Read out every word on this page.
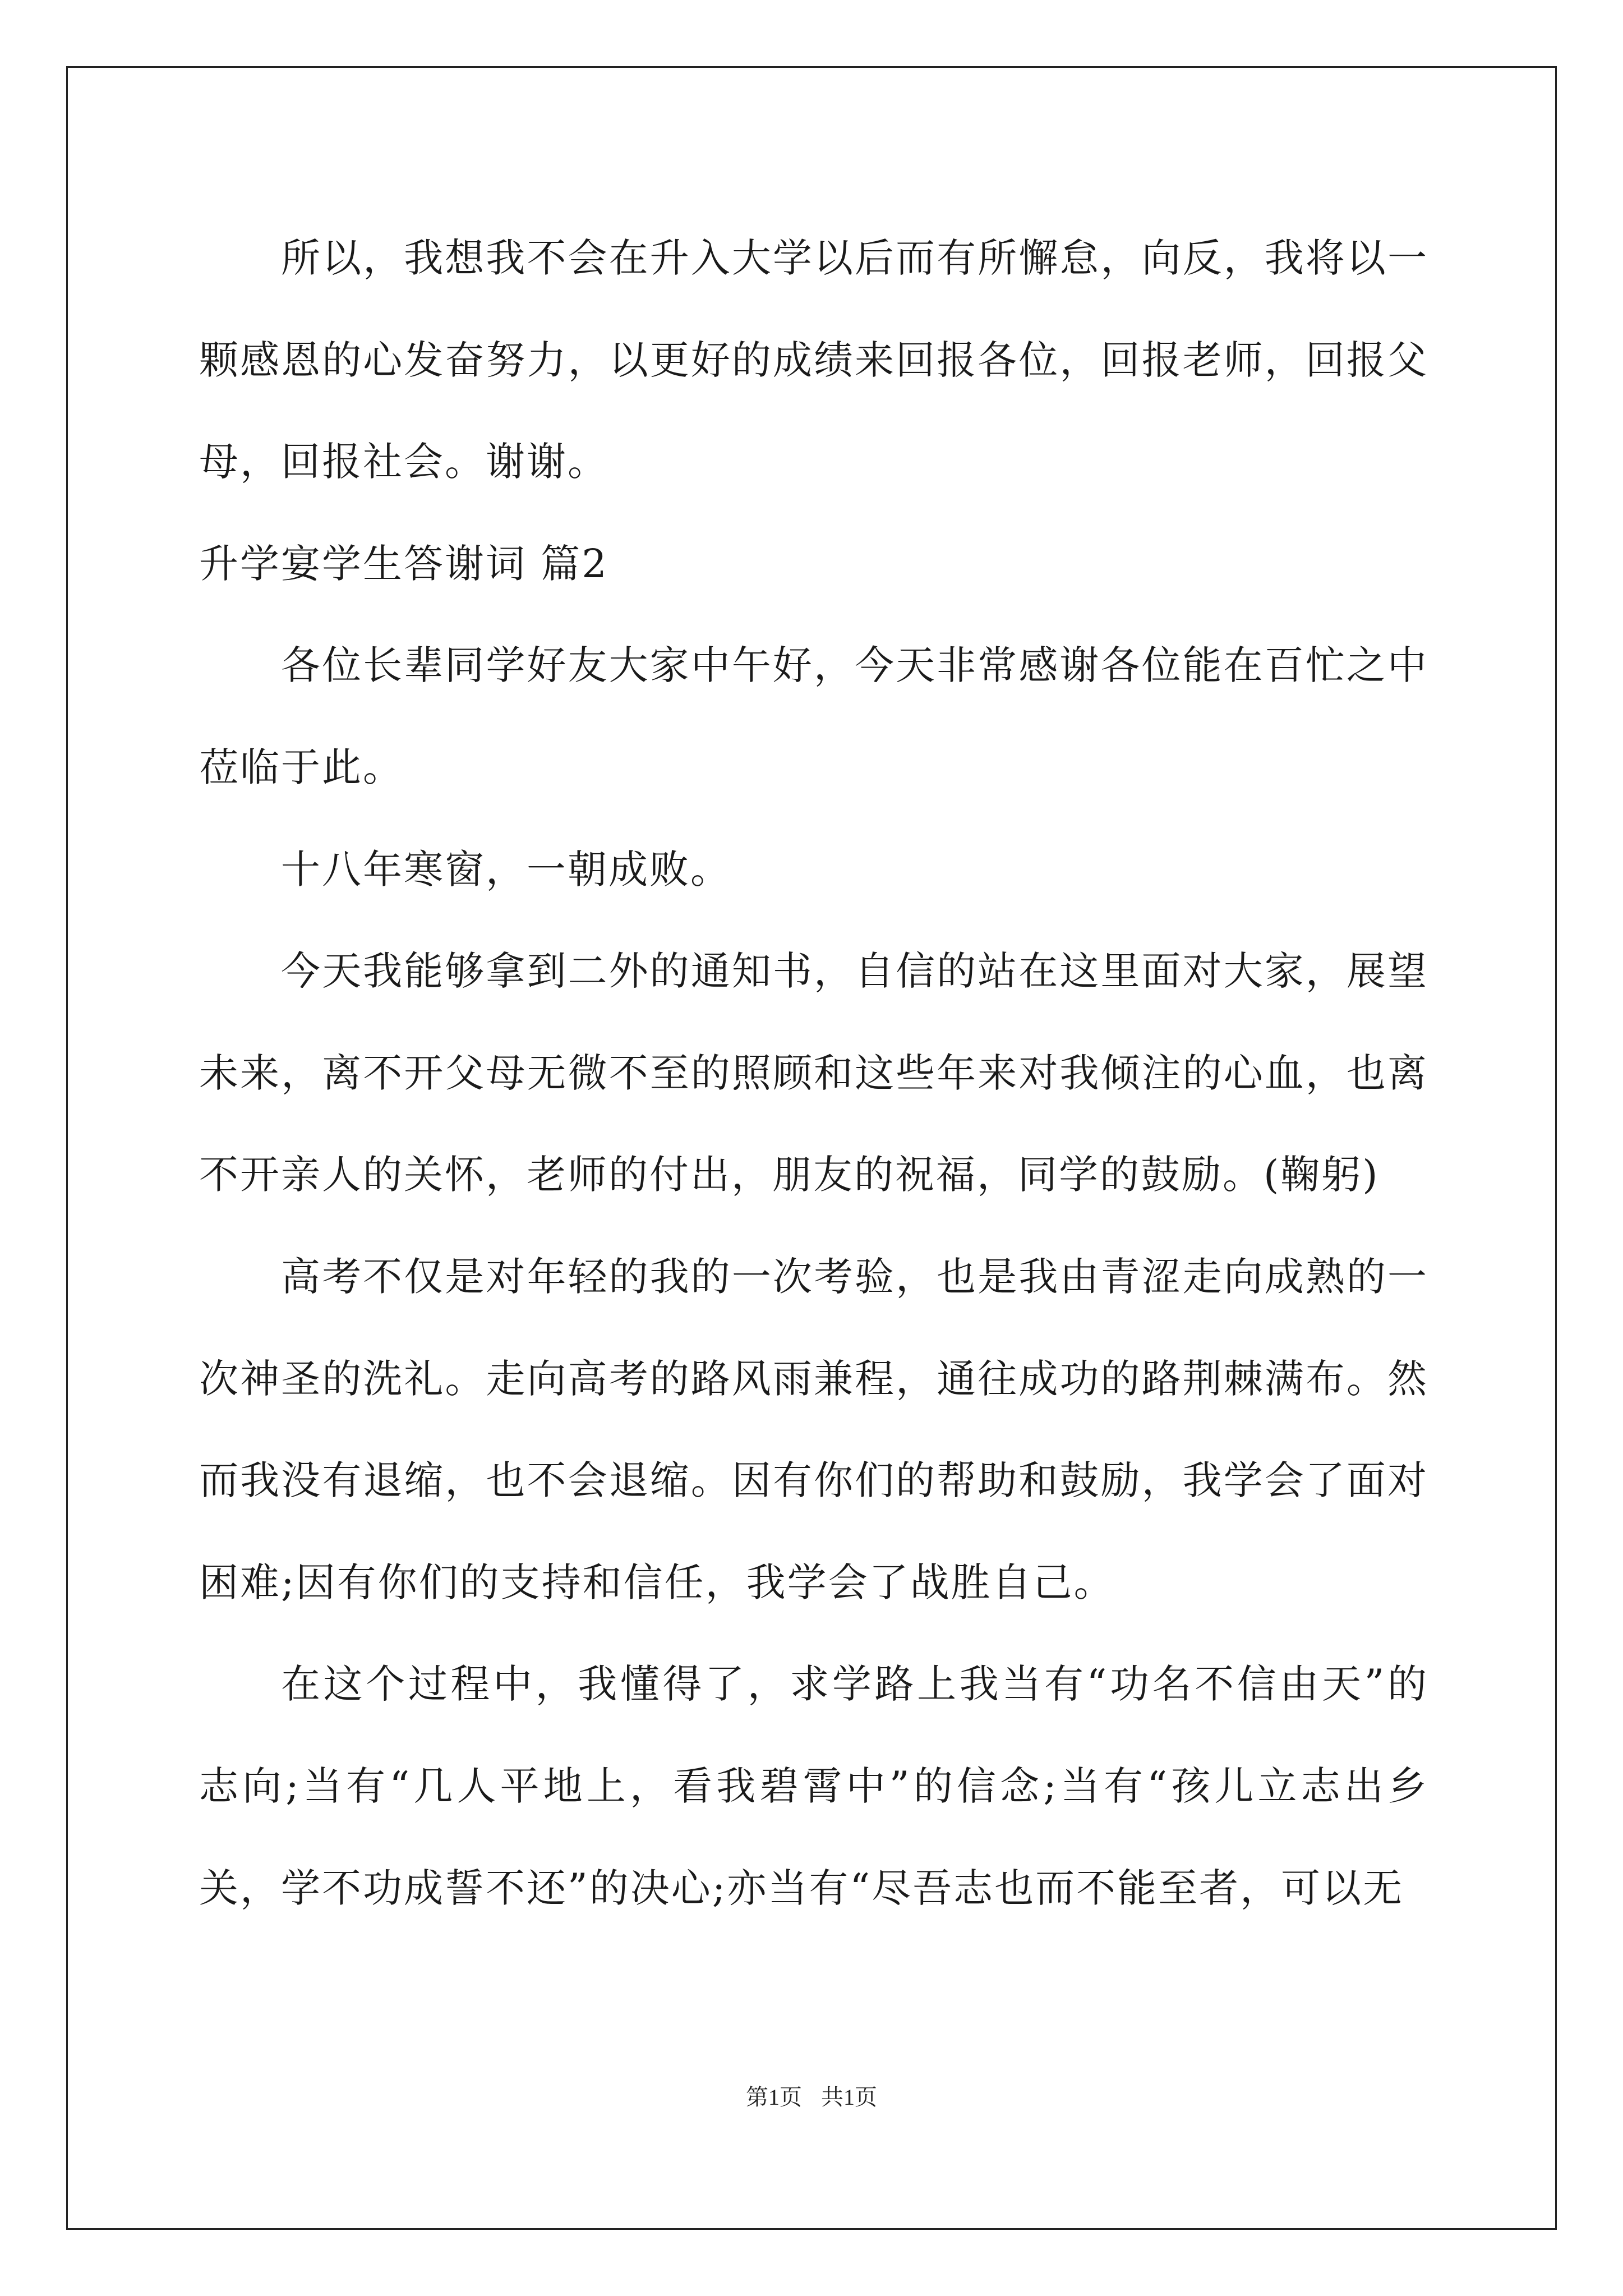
所以，我想我不会在升入大学以后而有所懈怠，向反，我将以一颗感恩的心发奋努力，以更好的成绩来回报各位，回报老师，回报父母，回报社会。谢谢。

升学宴学生答谢词 篇2

各位长辈同学好友大家中午好，今天非常感谢各位能在百忙之中莅临于此。

十八年寒窗，一朝成败。

今天我能够拿到二外的通知书，自信的站在这里面对大家，展望未来，离不开父母无微不至的照顾和这些年来对我倾注的心血，也离不开亲人的关怀，老师的付出，朋友的祝福，同学的鼓励。(鞠躬)

高考不仅是对年轻的我的一次考验，也是我由青涩走向成熟的一次神圣的洗礼。走向高考的路风雨兼程，通往成功的路荆棘满布。然而我没有退缩，也不会退缩。因有你们的帮助和鼓励，我学会了面对困难;因有你们的支持和信任，我学会了战胜自己。

在这个过程中，我懂得了，求学路上我当有“功名不信由天”的志向;当有“几人平地上，看我碧霄中”的信念;当有“孩儿立志出乡关，学不功成誓不还”的决心;亦当有“尽吾志也而不能至者，可以无

第1页 共1页
